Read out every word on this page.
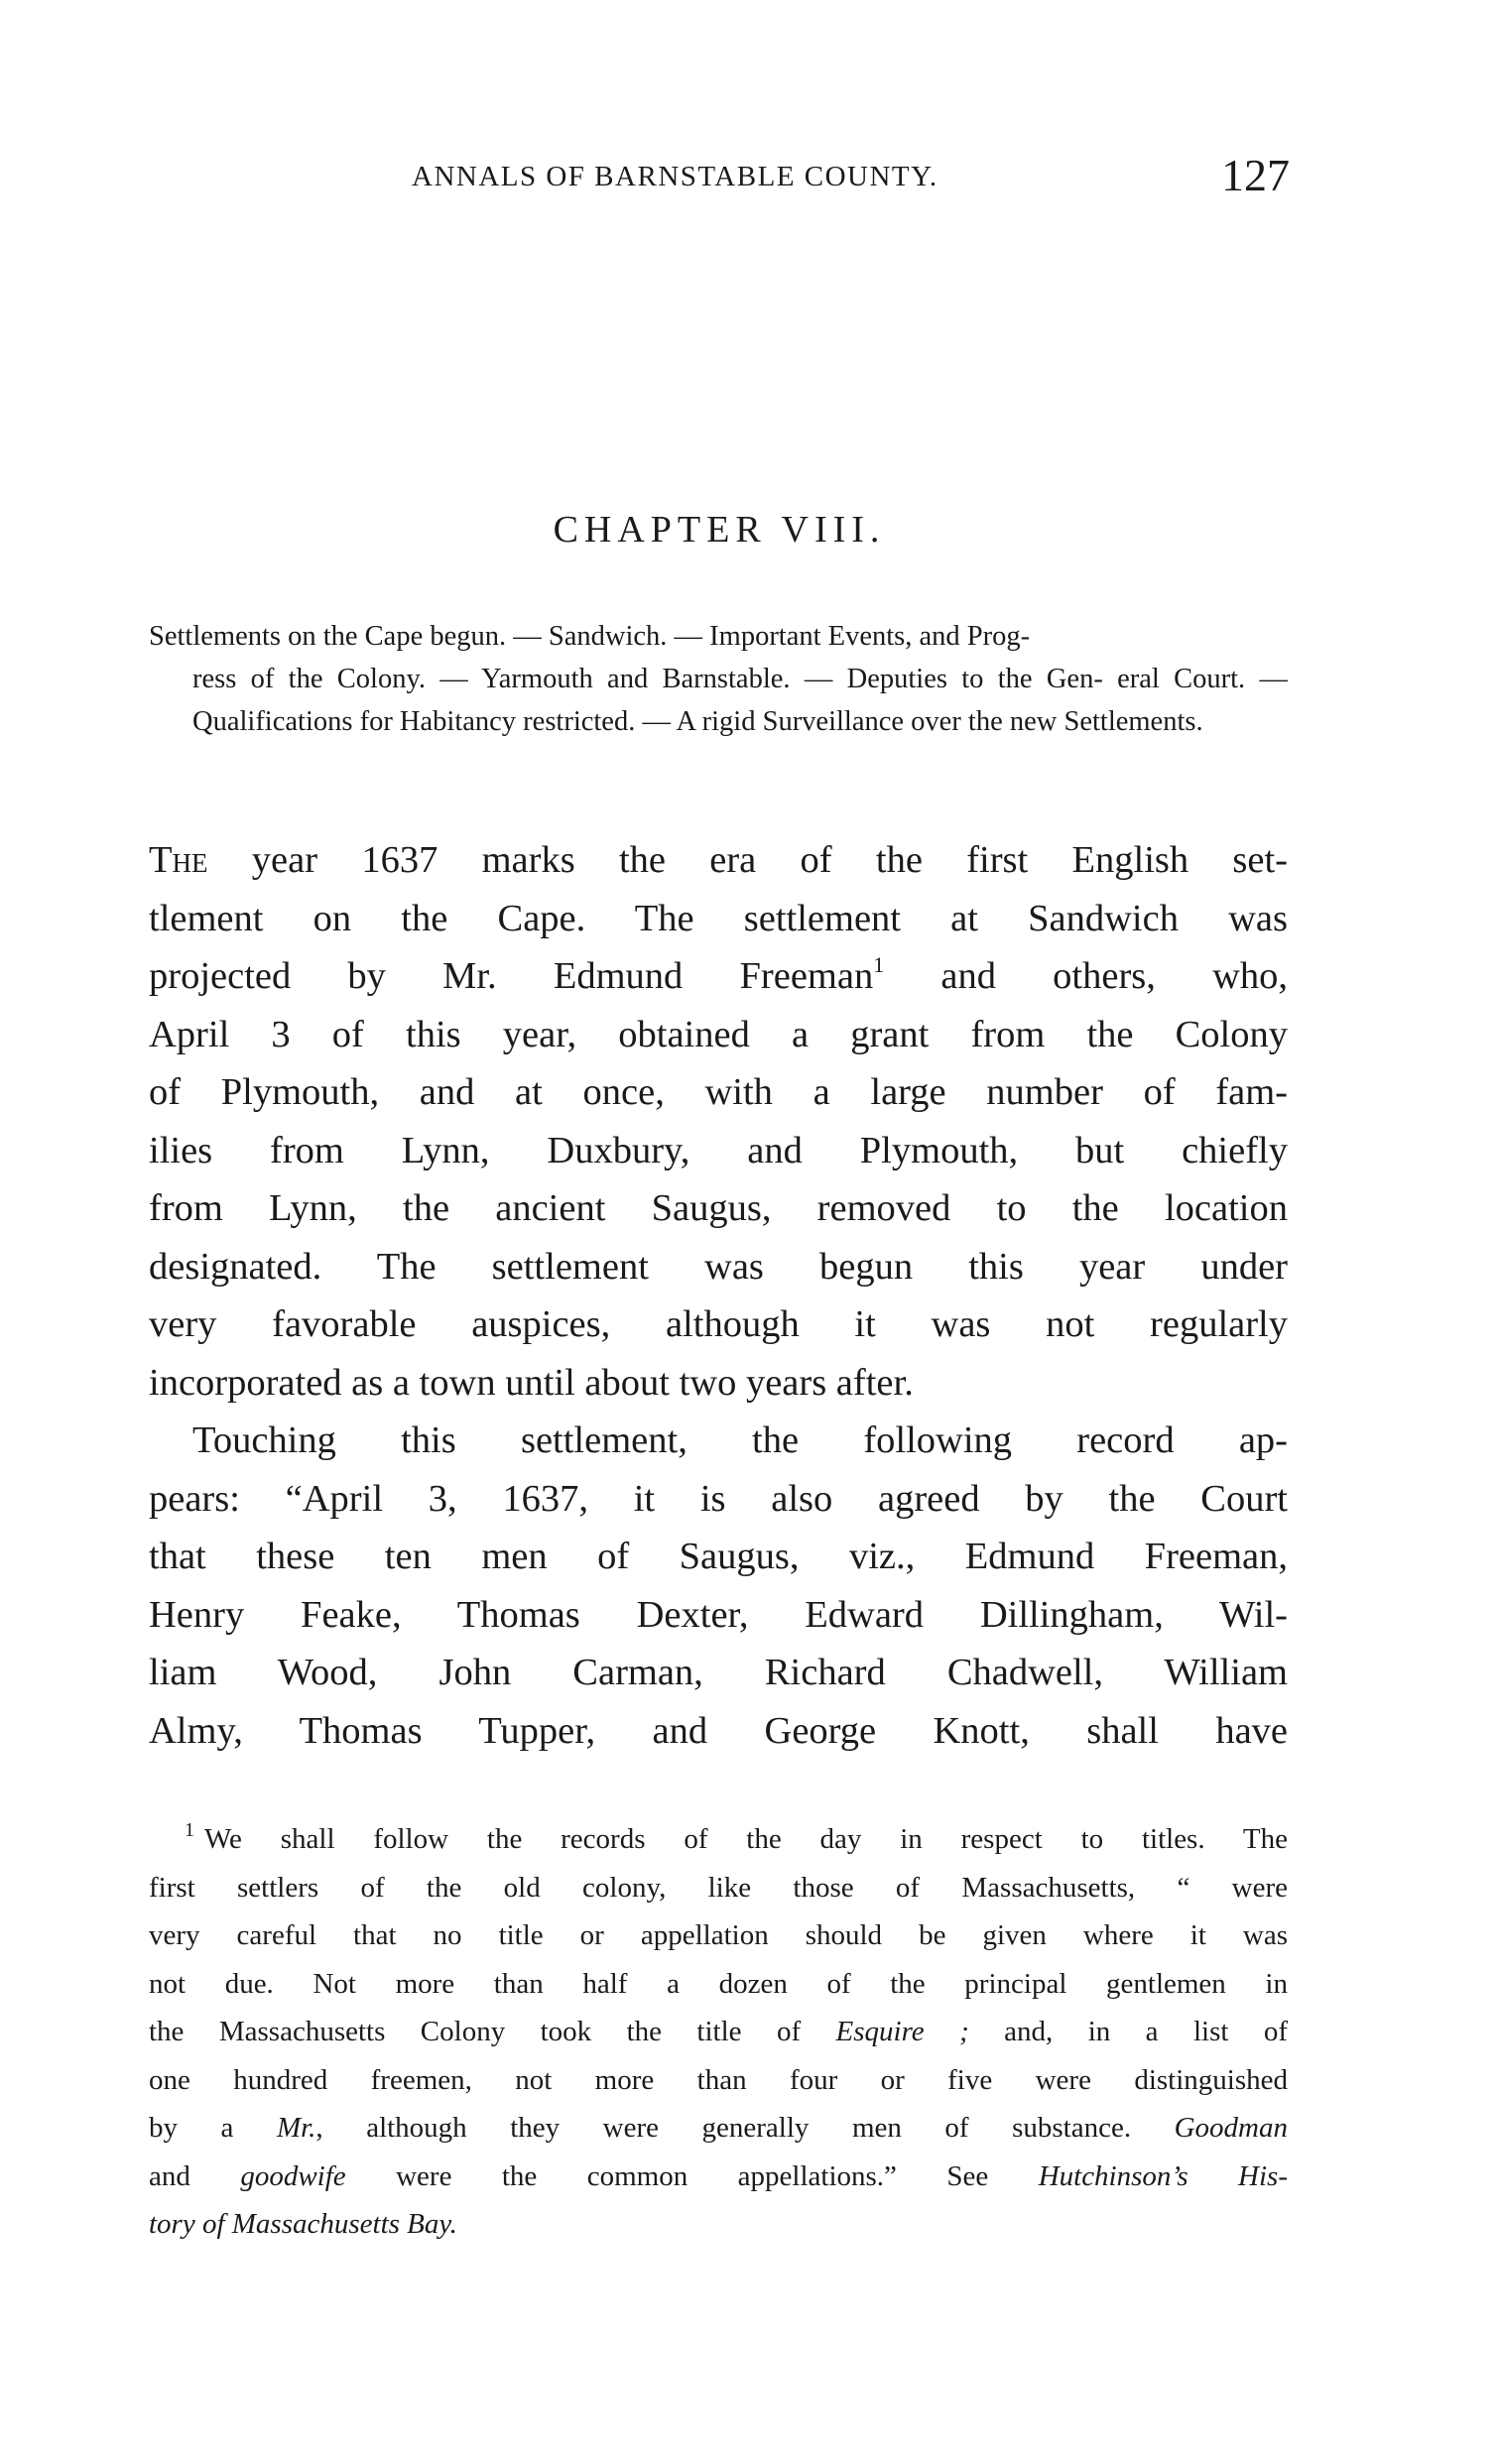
ANNALS OF BARNSTABLE COUNTY.	127
CHAPTER VIII.
Settlements on the Cape begun. — Sandwich. — Important Events, and Prog-
ress of the Colony. — Yarmouth and Barnstable. — Deputies to the Gen- eral Court. — Qualifications for Habitancy restricted. — A rigid Surveillance over the new Settlements.
The year 1637 marks the era of the first English set-
tlement on the Cape. The settlement at Sandwich was
projected by Mr. Edmund Freeman$^1$ and others, who,
April 3 of this year, obtained a grant from the Colony
of Plymouth, and at once, with a large number of fam-
ilies from Lynn, Duxbury, and Plymouth, but chiefly
from Lynn, the ancient Saugus, removed to the location
designated. The settlement was begun this year under
very favorable auspices, although it was not regularly
incorporated as a town until about two years after.
Touching this settlement, the following record ap-
pears: “April 3, 1637, it is also agreed by the Court
that these ten men of Saugus, viz., Edmund Freeman,
Henry Feake, Thomas Dexter, Edward Dillingham, Wil-
liam Wood, John Carman, Richard Chadwell, William
Almy, Thomas Tupper, and George Knott, shall have
$^1$ We shall follow the records of the day in respect to titles. The
first settlers of the old colony, like those of Massachusetts, “ were
very careful that no title or appellation should be given where it was
not due. Not more than half a dozen of the principal gentlemen in
the Massachusetts Colony took the title of Esquire ; and, in a list of
one hundred freemen, not more than four or five were distinguished
by a Mr., although they were generally men of substance. Goodman
and goodwife were the common appellations.” See Hutchinson’s His-
tory of Massachusetts Bay.
